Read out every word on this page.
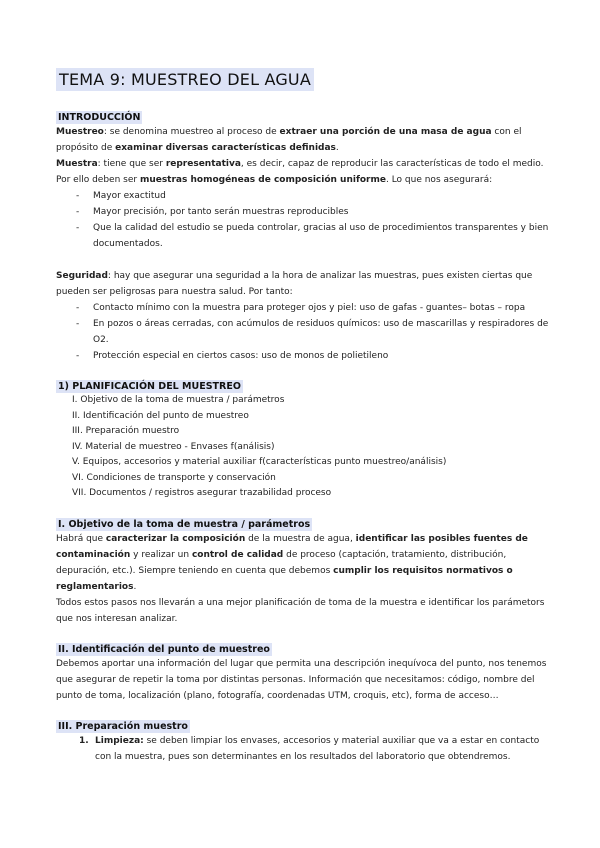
TEMA 9: MUESTREO DEL AGUA
INTRODUCCIÓN

Muestreo: se denomina muestreo al proceso de extraer una porción de una masa de agua con el propósito de examinar diversas características definidas.

Muestra: tiene que ser representativa, es decir, capaz de reproducir las características de todo el medio. Por ello deben ser muestras homogéneas de composición uniforme. Lo que nos asegurará:

- Mayor exactitud
- Mayor precisión, por tanto serán muestras reproducibles
- Que la calidad del estudio se pueda controlar, gracias al uso de procedimientos transparentes y bien documentados.

Seguridad: hay que asegurar una seguridad a la hora de analizar las muestras, pues existen ciertas que pueden ser peligrosas para nuestra salud. Por tanto:

- Contacto mínimo con la muestra para proteger ojos y piel: uso de gafas - guantes– botas – ropa
- En pozos o áreas cerradas, con acúmulos de residuos químicos: uso de mascarillas y respiradores de O2.
- Protección especial en ciertos casos: uso de monos de polietileno
1) PLANIFICACIÓN DEL MUESTREO
I. Objetivo de la toma de muestra / parámetros
II. Identificación del punto de muestreo
III. Preparación muestro
IV. Material de muestreo - Envases f(análisis)
V. Equipos, accesorios y material auxiliar f(características punto muestreo/análisis)
VI. Condiciones de transporte y conservación
VII. Documentos / registros asegurar trazabilidad proceso
I. Objetivo de la toma de muestra / parámetros

Habrá que caracterizar la composición de la muestra de agua, identificar las posibles fuentes de contaminación y realizar un control de calidad de proceso (captación, tratamiento, distribución, depuración, etc.). Siempre teniendo en cuenta que debemos cumplir los requisitos normativos o reglamentarios.

Todos estos pasos nos llevarán a una mejor planificación de toma de la muestra e identificar los parámetors que nos interesan analizar.

II. Identificación del punto de muestreo

Debemos aportar una información del lugar que permita una descripción inequívoca del punto, nos tenemos que asegurar de repetir la toma por distintas personas. Información que necesitamos: código, nombre del punto de toma, localización (plano, fotografía, coordenadas UTM, croquis, etc), forma de acceso…

III. Preparación muestro
1. Limpieza: se deben limpiar los envases, accesorios y material auxiliar que va a estar en contacto con la muestra, pues son determinantes en los resultados del laboratorio que obtendremos.
